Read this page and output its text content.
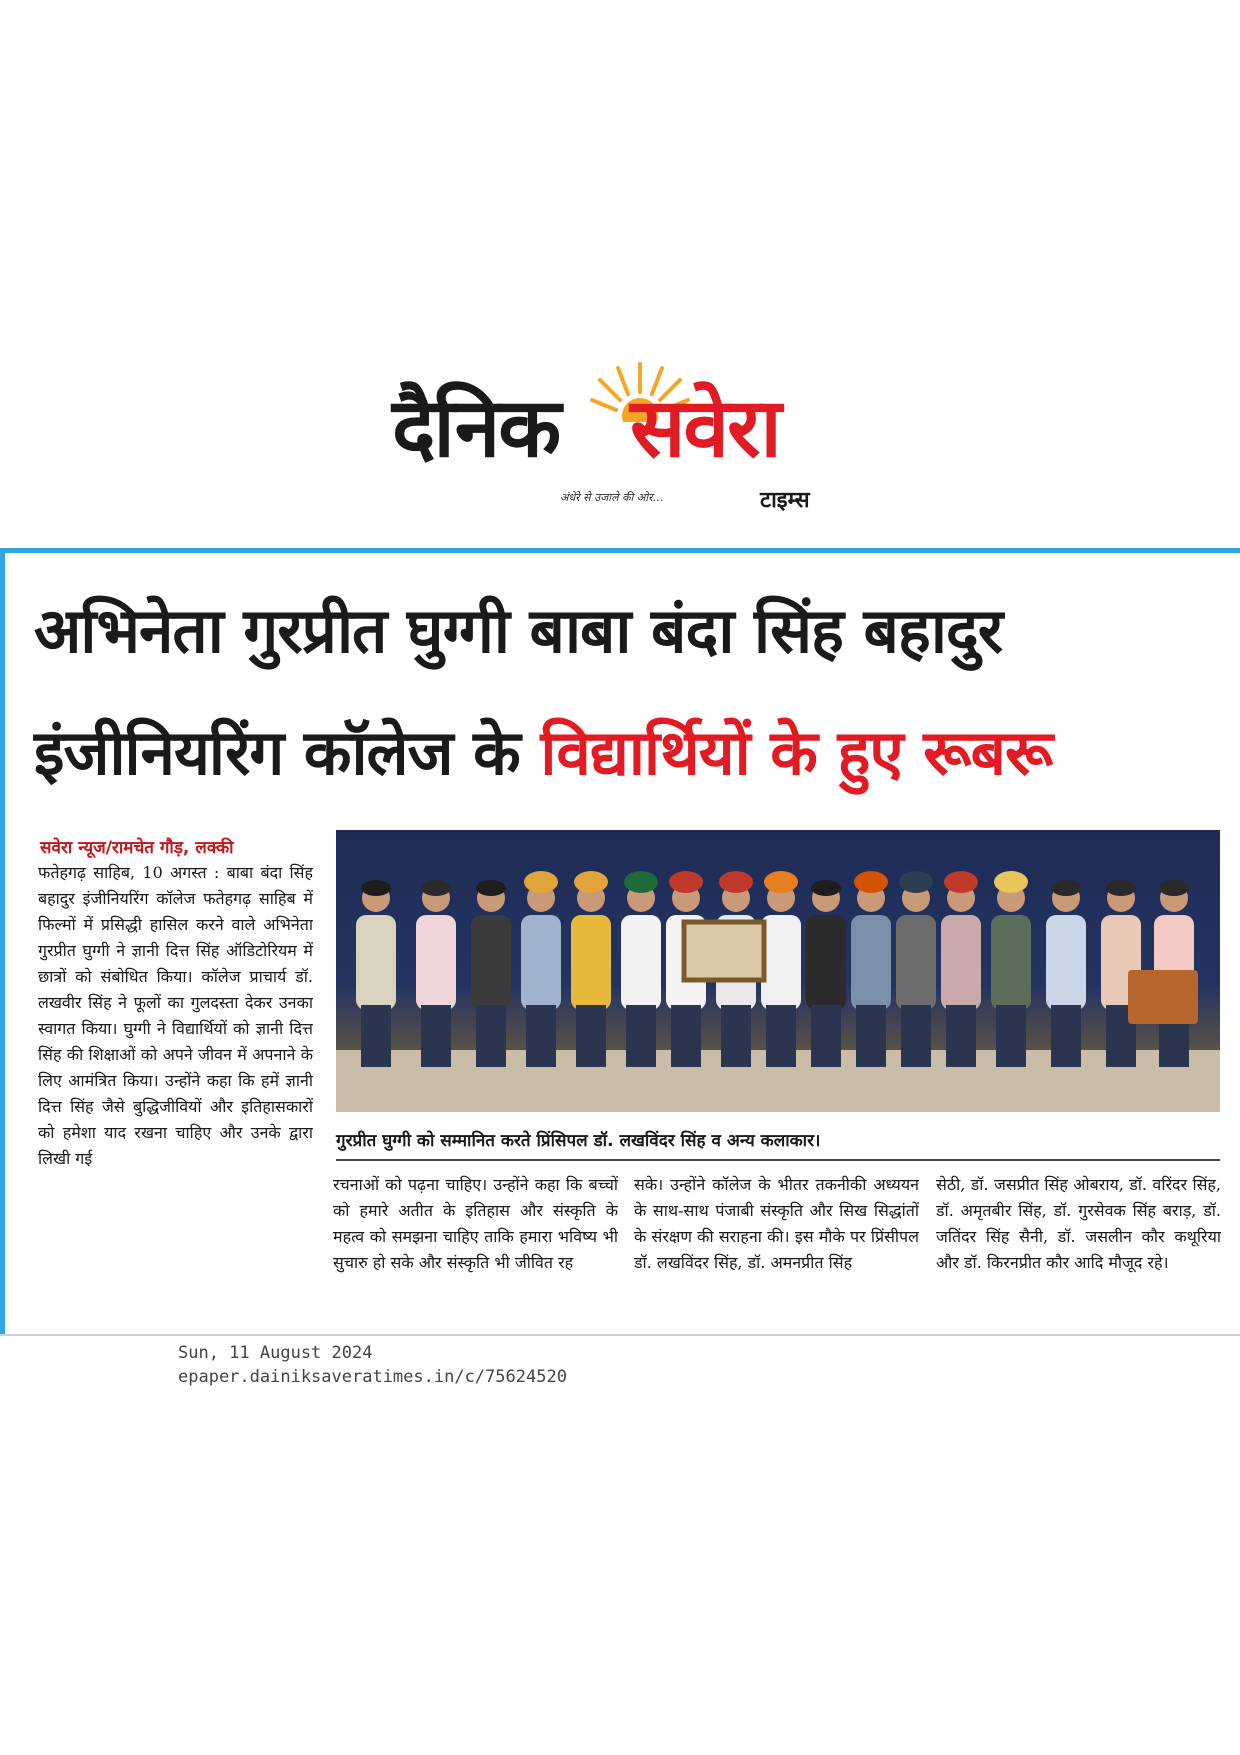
दैनिक सवेरा
अंधेरे से उजाले की ओर...	टाइम्स
अभिनेता गुरप्रीत घुग्गी बाबा बंदा सिंह बहादुर
इंजीनियरिंग कॉलेज के विद्यार्थियों के हुए रूबरू
सवेरा न्यूज/रामचेत गौड़, लक्की
फतेहगढ़ साहिब, 10 अगस्त : बाबा बंदा सिंह बहादुर इंजीनियरिंग कॉलेज फतेहगढ़ साहिब में फिल्मों में प्रसिद्धी हासिल करने वाले अभिनेता गुरप्रीत घुग्गी ने ज्ञानी दित्त सिंह ऑडिटोरियम में छात्रों को संबोधित किया। कॉलेज प्राचार्य डॉ. लखवीर सिंह ने फूलों का गुलदस्ता देकर उनका स्वागत किया। घुग्गी ने विद्यार्थियों को ज्ञानी दित्त सिंह की शिक्षाओं को अपने जीवन में अपनाने के लिए आमंत्रित किया। उन्होंने कहा कि हमें ज्ञानी दित्त सिंह जैसे बुद्धिजीवियों और इतिहासकारों को हमेशा याद रखना चाहिए और उनके द्वारा लिखी गई
गुरप्रीत घुग्गी को सम्मानित करते प्रिंसिपल डॉ. लखविंदर सिंह व अन्य कलाकार।
रचनाओं को पढ़ना चाहिए। उन्होंने कहा कि बच्चों को हमारे अतीत के इतिहास और संस्कृति के महत्व को समझना चाहिए ताकि हमारा भविष्य भी सुचारु हो सके और संस्कृति भी जीवित रह
सके। उन्होंने कॉलेज के भीतर तकनीकी अध्ययन के साथ-साथ पंजाबी संस्कृति और सिख सिद्धांतों के संरक्षण की सराहना की। इस मौके पर प्रिंसीपल डॉ. लखविंदर सिंह, डॉ. अमनप्रीत सिंह
सेठी, डॉ. जसप्रीत सिंह ओबराय, डॉ. वरिंदर सिंह, डॉ. अमृतबीर सिंह, डॉ. गुरसेवक सिंह बराड़, डॉ. जतिंदर सिंह सैनी, डॉ. जसलीन कौर कथूरिया और डॉ. किरनप्रीत कौर आदि मौजूद रहे।
Sun, 11 August 2024
epaper.dainiksaveratimes.in/c/75624520
